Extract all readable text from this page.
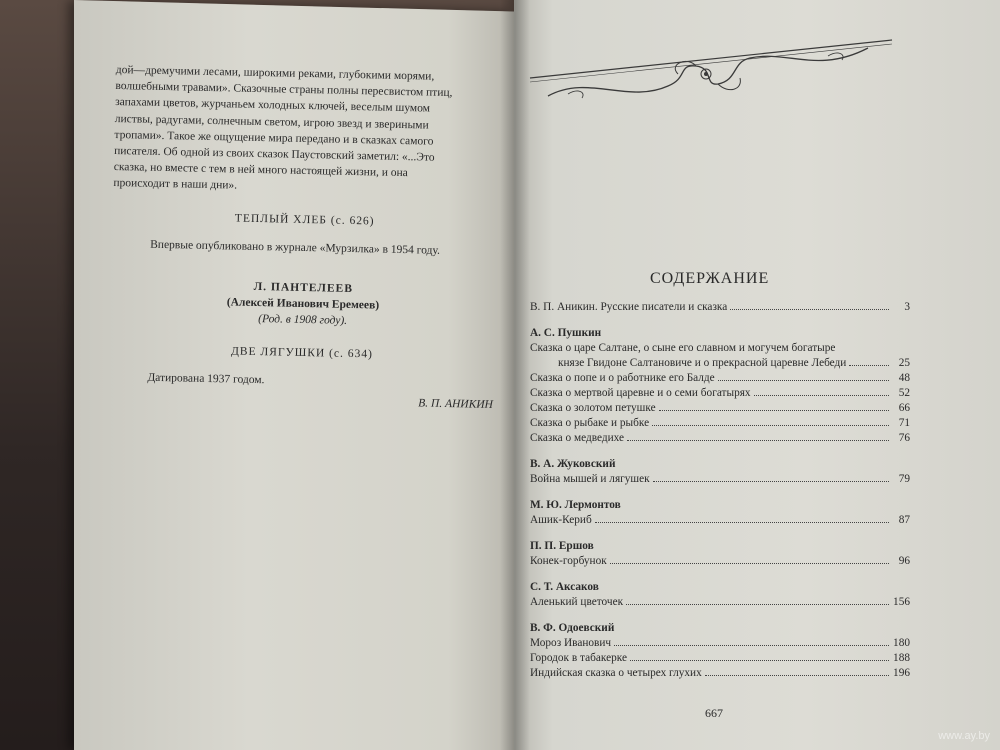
дой—дремучими лесами, широкими реками, глубокими морями,
волшебными травами». Сказочные страны полны пересвистом птиц,
запахами цветов, журчаньем холодных ключей, веселым шумом
листвы, радугами, солнечным светом, игрою звезд и звериными
тропами». Такое же ощущение мира передано и в сказках самого
писателя. Об одной из своих сказок Паустовский заметил: «...Это
сказка, но вместе с тем в ней много настоящей жизни, и она
происходит в наши дни».
ТЕПЛЫЙ ХЛЕБ (с. 626)
Впервые опубликовано в журнале «Мурзилка» в 1954 году.
Л. ПАНТЕЛЕЕВ
(Алексей Иванович Еремеев)
(Род. в 1908 году).
ДВЕ ЛЯГУШКИ (с. 634)
Датирована 1937 годом.
В. П. АНИКИН
СОДЕРЖАНИЕ
В. П. Аникин. Русские писатели и сказка	3
А. С. Пушкин
Сказка о царе Салтане, о сыне его славном и могучем богатыре
князе Гвидоне Салтановиче и о прекрасной царевне Лебеди	25
Сказка о попе и о работнике его Балде	48
Сказка о мертвой царевне и о семи богатырях	52
Сказка о золотом петушке	66
Сказка о рыбаке и рыбке	71
Сказка о медведихе	76
В. А. Жуковский
Война мышей и лягушек	79
М. Ю. Лермонтов
Ашик-Кериб	87
П. П. Ершов
Конек-горбунок	96
С. Т. Аксаков
Аленький цветочек	156
В. Ф. Одоевский
Мороз Иванович	180
Городок в табакерке	188
Индийская сказка о четырех глухих	196
667
www.ay.by
